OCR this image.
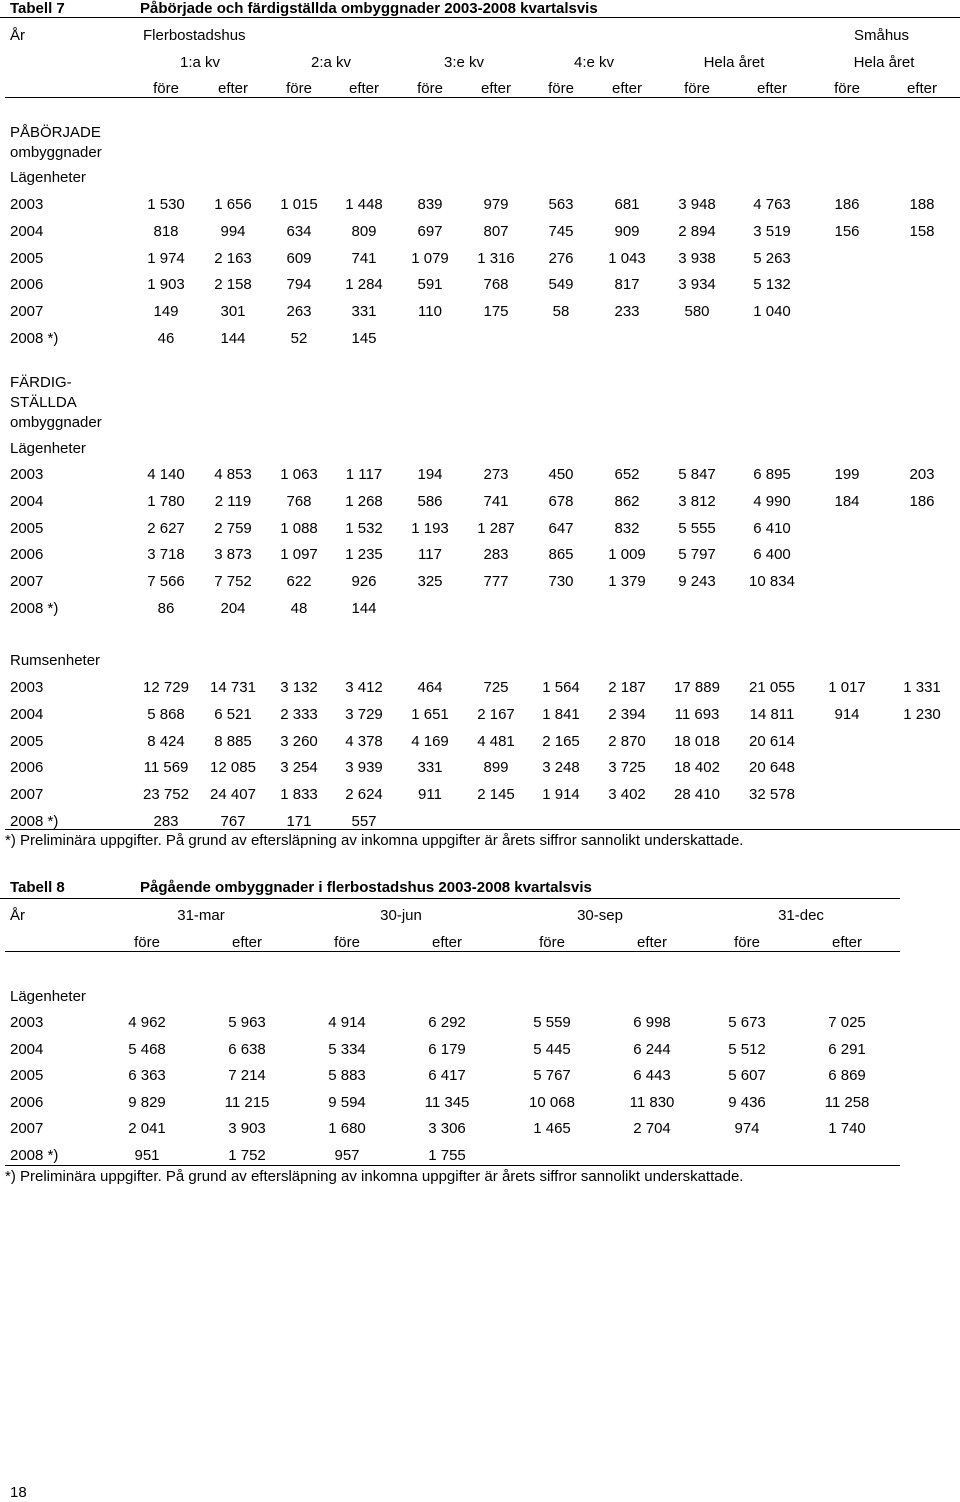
Tabell 7	Påbörjade och färdigställda ombyggnader 2003-2008 kvartalsvis
År	Flerbostadshus	Småhus
1:a kv	2:a kv	3:e kv	4:e kv	Hela året	Hela året
före	efter	före	efter	före	efter	före	efter	före	efter	före	efter
PÅBÖRJADE
ombyggnader
Lägenheter
2003	1 530	1 656	1 015	1 448	839	979	563	681	3 948	4 763	186	188
2004	818	994	634	809	697	807	745	909	2 894	3 519	156	158
2005	1 974	2 163	609	741	1 079	1 316	276	1 043	3 938	5 263
2006	1 903	2 158	794	1 284	591	768	549	817	3 934	5 132
2007	149	301	263	331	110	175	58	233	580	1 040
2008 *)	46	144	52	145
FÄRDIG-
STÄLLDA
ombyggnader
Lägenheter
2003	4 140	4 853	1 063	1 117	194	273	450	652	5 847	6 895	199	203
2004	1 780	2 119	768	1 268	586	741	678	862	3 812	4 990	184	186
2005	2 627	2 759	1 088	1 532	1 193	1 287	647	832	5 555	6 410
2006	3 718	3 873	1 097	1 235	117	283	865	1 009	5 797	6 400
2007	7 566	7 752	622	926	325	777	730	1 379	9 243	10 834
2008 *)	86	204	48	144
Rumsenheter
2003	12 729	14 731	3 132	3 412	464	725	1 564	2 187	17 889	21 055	1 017	1 331
2004	5 868	6 521	2 333	3 729	1 651	2 167	1 841	2 394	11 693	14 811	914	1 230
2005	8 424	8 885	3 260	4 378	4 169	4 481	2 165	2 870	18 018	20 614
2006	11 569	12 085	3 254	3 939	331	899	3 248	3 725	18 402	20 648
2007	23 752	24 407	1 833	2 624	911	2 145	1 914	3 402	28 410	32 578
2008 *)	283	767	171	557
*) Preliminära uppgifter. På grund av eftersläpning av inkomna uppgifter är årets siffror sannolikt underskattade.
Tabell 8	Pågående ombyggnader i flerbostadshus 2003-2008 kvartalsvis
År	31-mar	30-jun	30-sep	31-dec
före	efter	före	efter	före	efter	före	efter
Lägenheter
2003	4 962	5 963	4 914	6 292	5 559	6 998	5 673	7 025
2004	5 468	6 638	5 334	6 179	5 445	6 244	5 512	6 291
2005	6 363	7 214	5 883	6 417	5 767	6 443	5 607	6 869
2006	9 829	11 215	9 594	11 345	10 068	11 830	9 436	11 258
2007	2 041	3 903	1 680	3 306	1 465	2 704	974	1 740
2008 *)	951	1 752	957	1 755
*) Preliminära uppgifter. På grund av eftersläpning av inkomna uppgifter är årets siffror sannolikt underskattade.
18
